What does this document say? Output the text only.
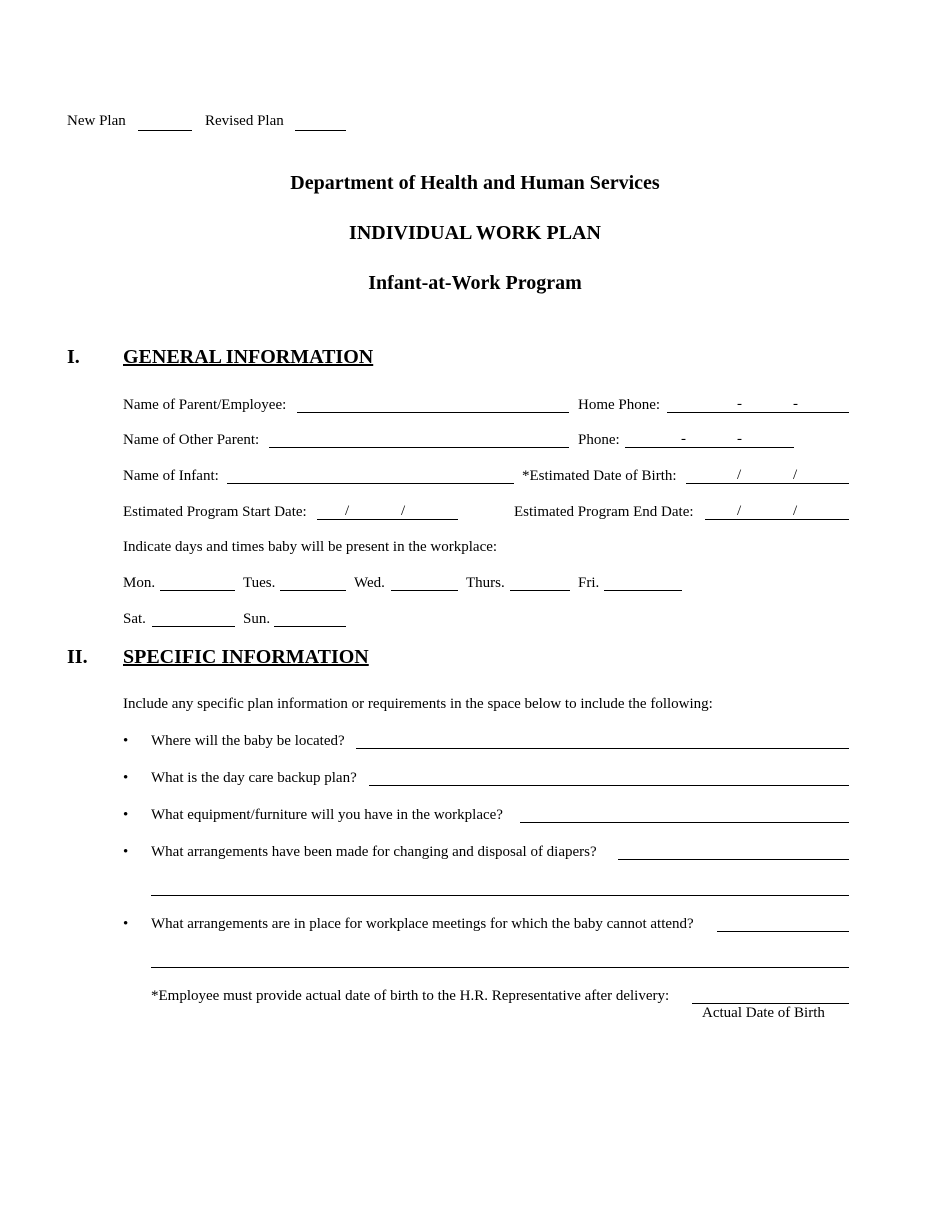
New Plan	Revised Plan
Department of Health and Human Services
INDIVIDUAL WORK PLAN
Infant-at-Work Program
I. GENERAL INFORMATION
Name of Parent/Employee:	Home Phone:	-	-
Name of Other Parent:	Phone:	-	-
Name of Infant:	*Estimated Date of Birth:	/	/
Estimated Program Start Date:	/	/	Estimated Program End Date:	/	/
Indicate days and times baby will be present in the workplace:
Mon.	Tues.	Wed.	Thurs.	Fri.
Sat.	Sun.
II. SPECIFIC INFORMATION
Include any specific plan information or requirements in the space below to include the following:
• Where will the baby be located?
• What is the day care backup plan?
• What equipment/furniture will you have in the workplace?
• What arrangements have been made for changing and disposal of diapers?
• What arrangements are in place for workplace meetings for which the baby cannot attend?
*Employee must provide actual date of birth to the H.R. Representative after delivery:
Actual Date of Birth
